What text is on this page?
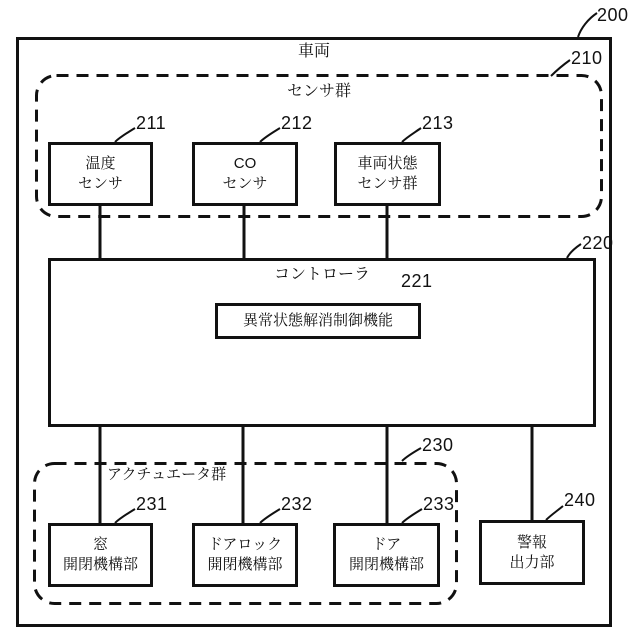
車両
センサ群
温度
センサ
CO
センサ
車両状態
センサ群
コントローラ
異常状態解消制御機能
アクチュエータ群
窓
開閉機構部
ドアロック
開閉機構部
ドア
開閉機構部
警報
出力部
200
210
211	212	213
220
221
230
231	232	233	240
